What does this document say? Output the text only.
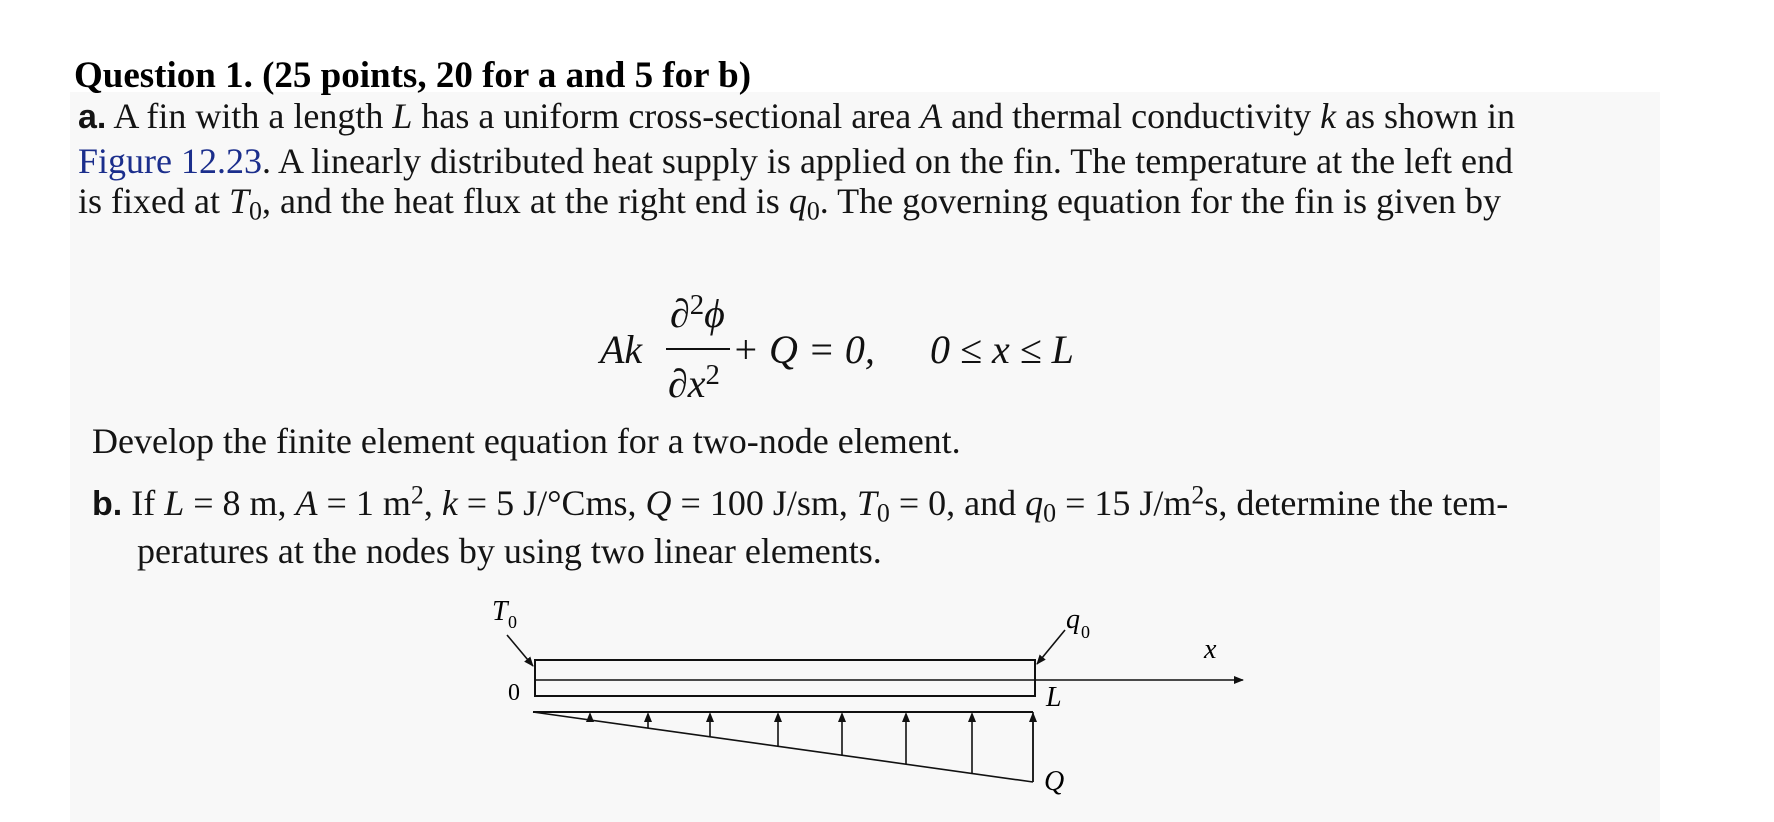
Question 1. (25 points, 20 for a and 5 for b)
a. A fin with a length L has a uniform cross-sectional area A and thermal conductivity k as shown in
Figure 12.23. A linearly distributed heat supply is applied on the fin. The temperature at the left end
is fixed at $T_0$, and the heat flux at the right end is $q_0$. The governing equation for the fin is given by
Ak
∂$^2$ϕ
$\partial x^2$
+ Q = 0, 0 ≤ x ≤ L
Develop the finite element equation for a two-node element.
b. If L = 8 m, A = 1 $m^2$, k = 5 J/°Cms, Q = 100 J/sm, $T_0 = 0$, and $q_0 = 15$ $J/m^2s$, determine the tem-
peratures at the nodes by using two linear elements.
T 0	q 0
x
0	L
Q
